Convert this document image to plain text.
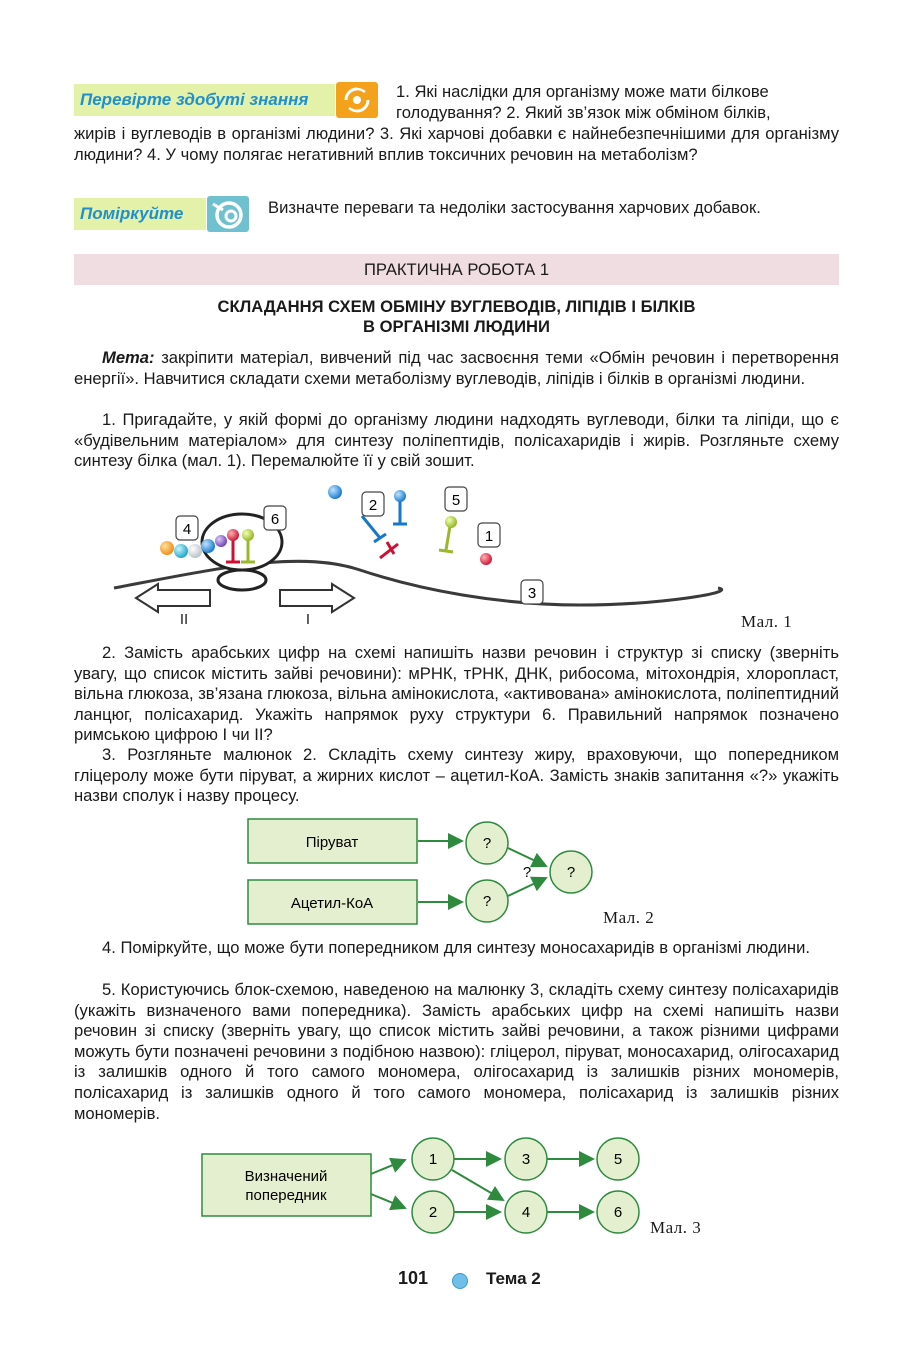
Перевірте здобуті знання	1. Які наслідки для організму може мати білкове
голодування? 2. Який зв’язок між обміном білків,
жирів і вуглеводів в організмі людини? 3. Які харчові добавки є найнебезпечнішими для організму людини? 4. У чому полягає негативний вплив токсичних речовин на метаболізм?
Поміркуйте	Визначте переваги та недоліки застосування харчових добавок.
ПРАКТИЧНА РОБОТА 1
СКЛАДАННЯ СХЕМ ОБМІНУ ВУГЛЕВОДІВ, ЛІПІДІВ І БІЛКІВ
В ОРГАНІЗМІ ЛЮДИНИ
Мета: закріпити матеріал, вивчений під час засвоєння теми «Обмін речовин і перетворення енергії». Навчитися складати схеми метаболізму вуглеводів, ліпідів і білків в організмі людини.
1. Пригадайте, у якій формі до організму людини надходять вуглеводи, білки та ліпіди, що є «будівельним матеріалом» для синтезу поліпептидів, полісахаридів і жирів. Розгляньте схему синтезу білка (мал. 1). Перемалюйте її у свій зошит.
II	I
4
6
2	5
1
3
Мал. 1
2. Замість арабських цифр на схемі напишіть назви речовин і структур зі списку (зверніть увагу, що список містить зайві речовини): мРНК, тРНК, ДНК, рибосома, мітохондрія, хлоропласт, вільна глюкоза, зв’язана глюкоза, вільна амінокислота, «активована» амінокислота, поліпептидний ланцюг, полісахарид. Укажіть напрямок руху структури 6. Правильний напрямок позначено римською цифрою I чи II?
3. Розгляньте малюнок 2. Складіть схему синтезу жиру, враховуючи, що попередником гліцеролу може бути піруват, а жирних кислот – ацетил-КоА. Замість знаків запитання «?» укажіть назви сполук і назву процесу.
Піруват
Ацетил-КоА
?
?
? ?
Мал. 2
4. Поміркуйте, що може бути попередником для синтезу моносахаридів в організмі людини.
5. Користуючись блок-схемою, наведеною на малюнку 3, складіть схему синтезу полісахаридів (укажіть визначеного вами попередника). Замість арабських цифр на схемі напишіть назви речовин зі списку (зверніть увагу, що список містить зайві речовини, а також різними цифрами можуть бути позначені речовини з подібною назвою): гліцерол, піруват, моносахарид, олігосахарид із залишків одного й того самого мономера, олігосахарид із залишків різних мономерів, полісахарид із залишків одного й того самого мономера, полісахарид із залишків різних мономерів.
Визначений
попередник
1
2
3
4
5
6
Мал. 3
101	Тема 2
